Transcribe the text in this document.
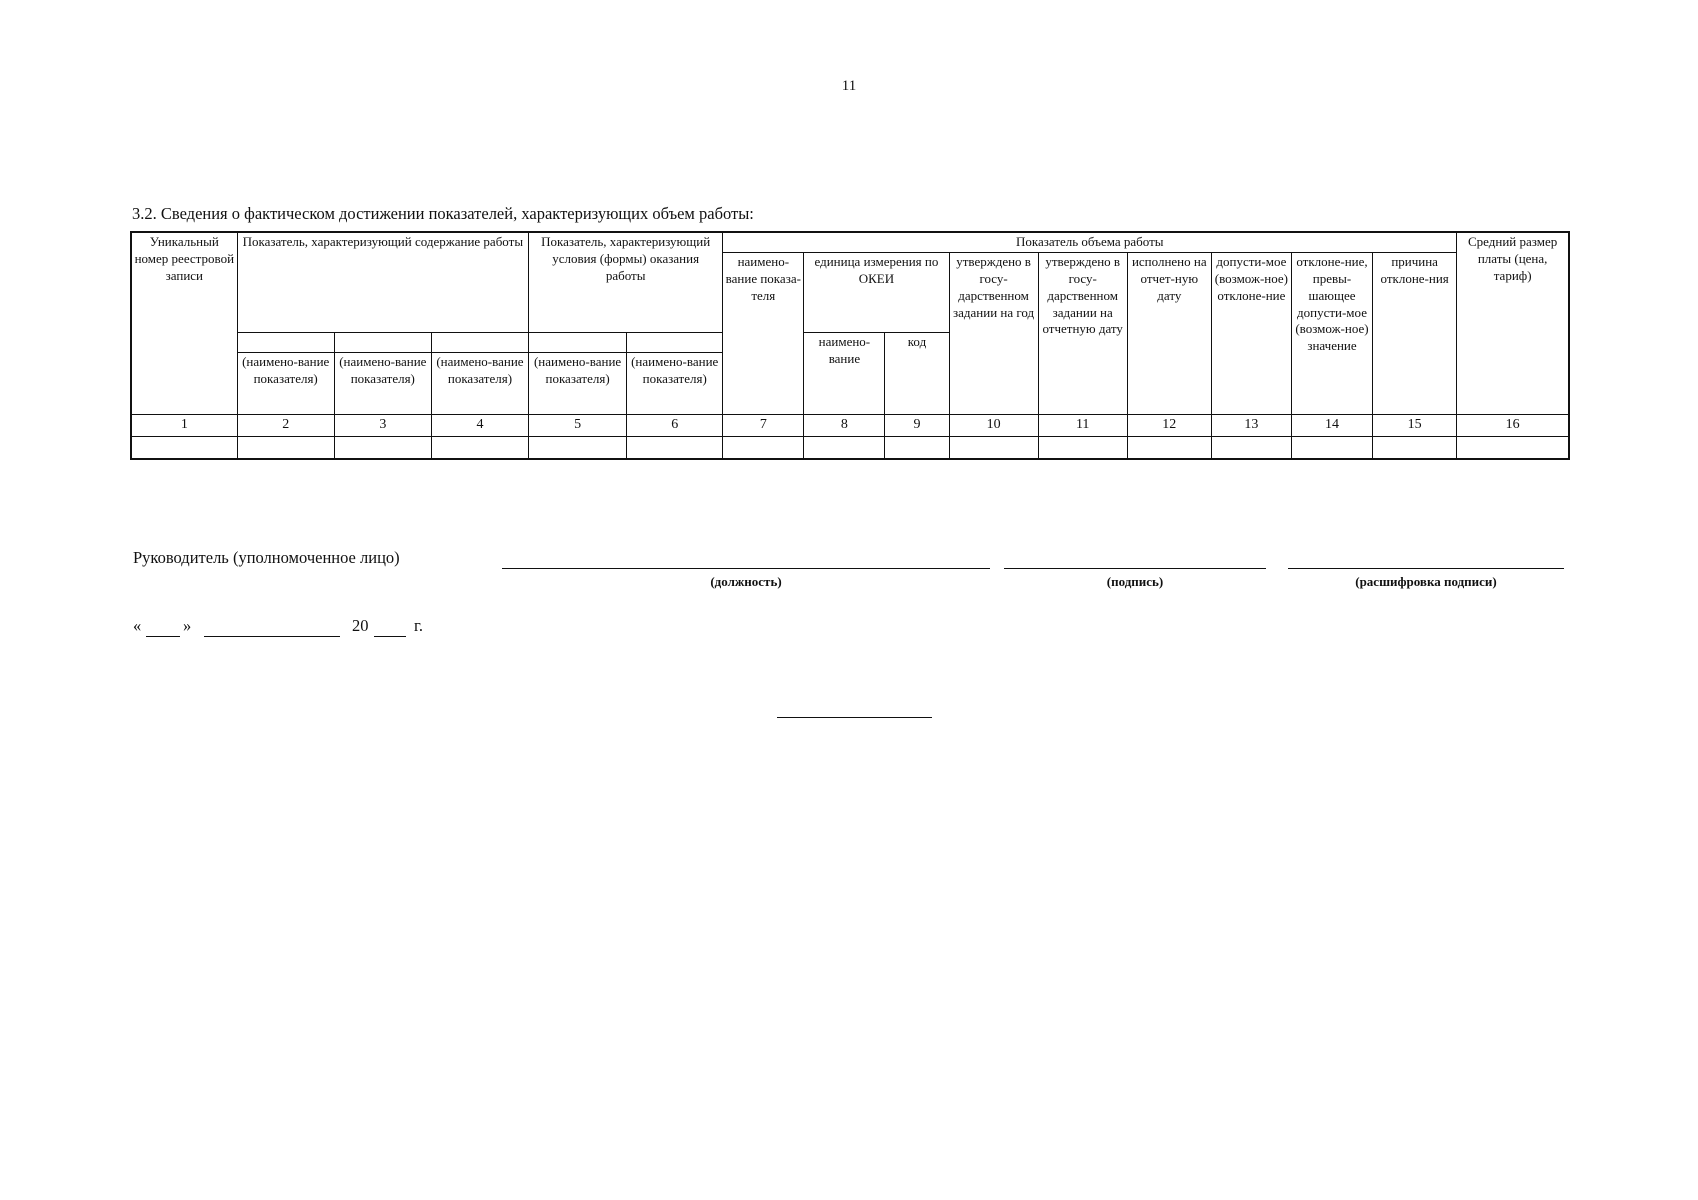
11
3.2. Сведения о фактическом достижении показателей, характеризующих объем работы:
Уникальный номер реестровой записи	Показатель, характеризующий содержание работы			Показатель, характеризующий условия (формы) оказания работы		Показатель объема работы									Средний размер платы (цена, тариф)
						наимено-вание показа-теля	единица измерения по ОКЕИ		утверждено в госу-дарственном задании на год	утверждено в госу-дарственном задании на отчетную дату	исполнено на отчет-ную дату	допусти-мое (возмож-ное) отклоне-ние	отклоне-ние, превы-шающее допусти-мое (возмож-ное) значение	причина отклоне-ния	
							наимено-вание	код							
	(наимено-вание показателя)	(наимено-вание показателя)	(наимено-вание показателя)	(наимено-вание показателя)	(наимено-вание показателя)										
1	2	3	4	5	6	7	8	9	10	11	12	13	14	15	16

Руководитель (уполномоченное лицо)
(должность)	(подпись)	(расшифровка подписи)
«	»	20	г.
